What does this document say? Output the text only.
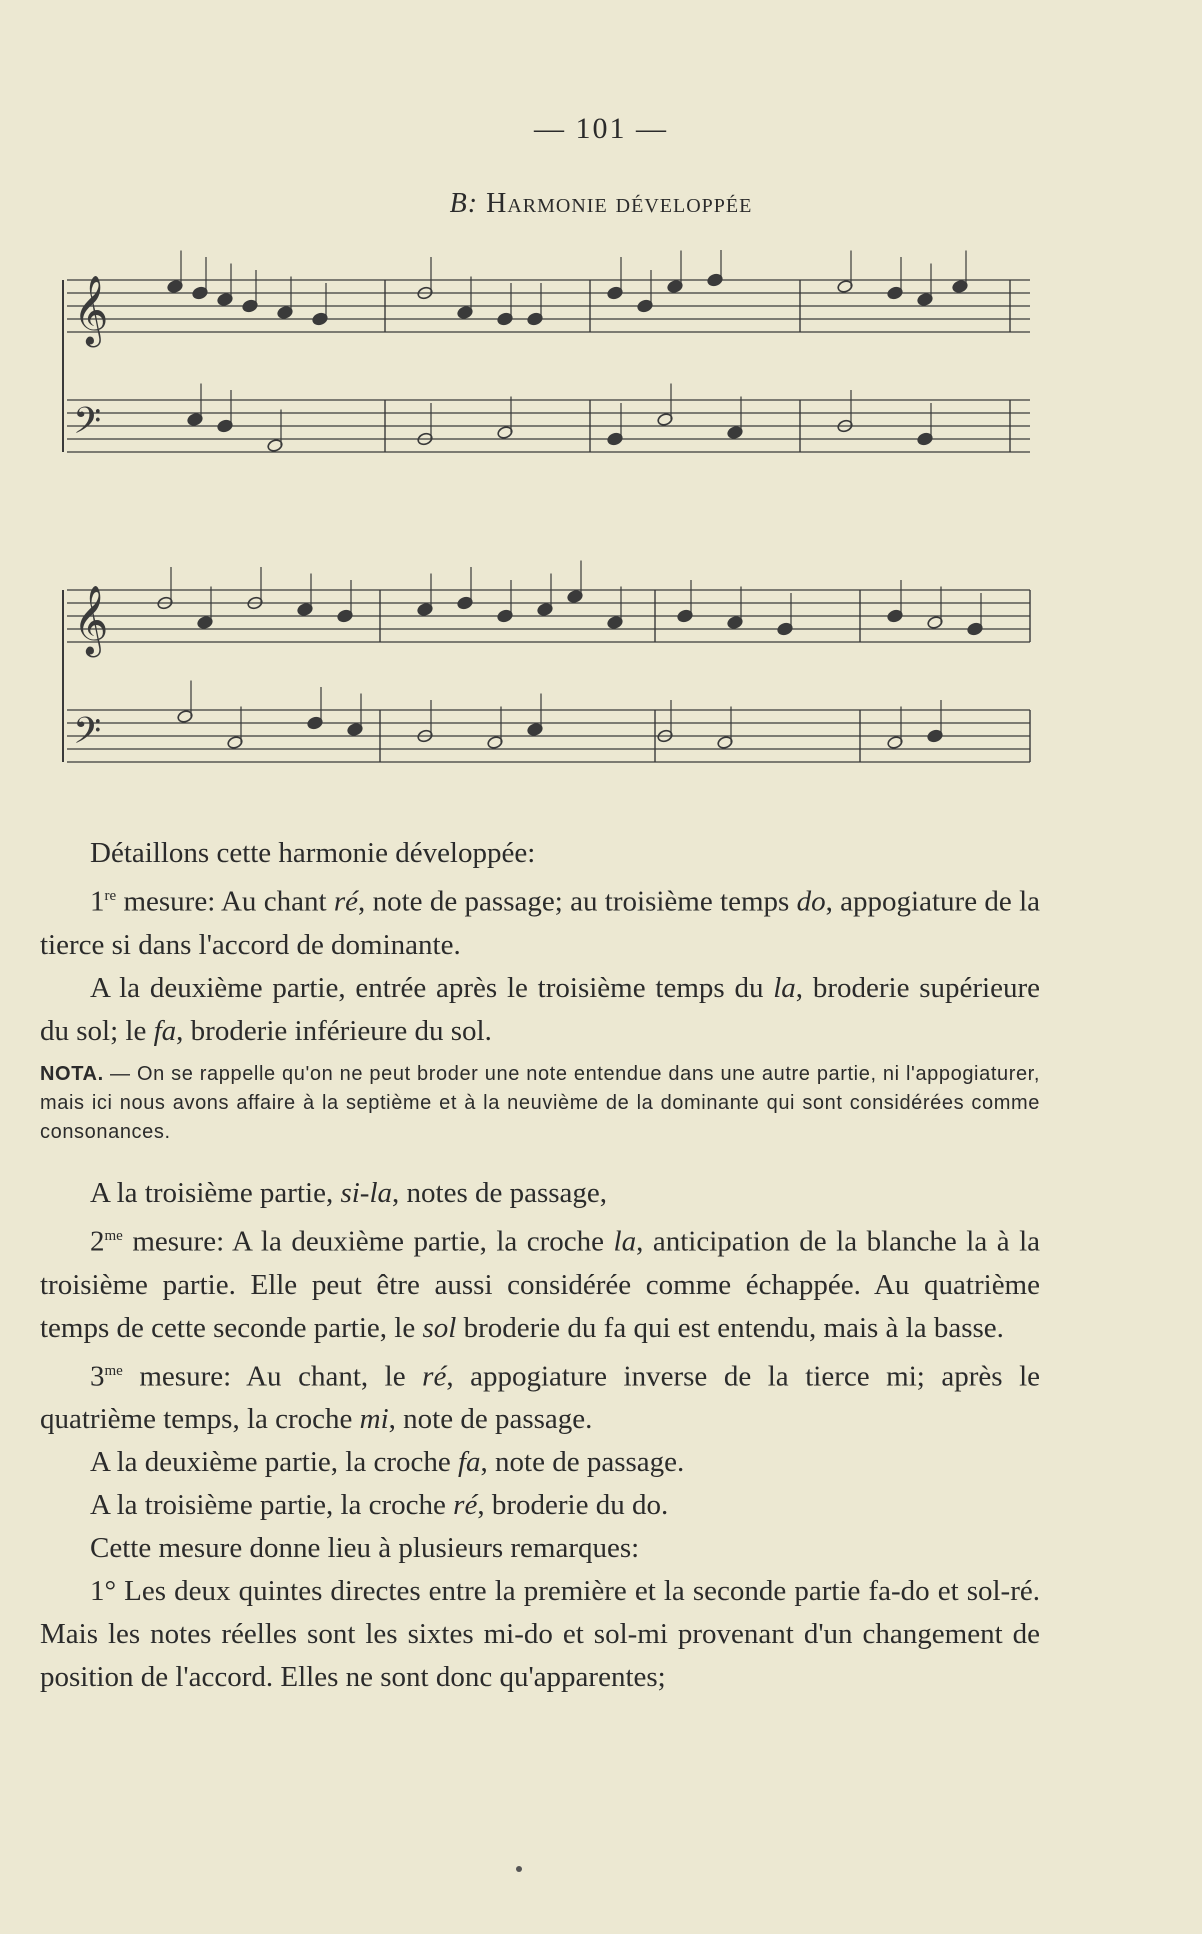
— 101 —
B: Harmonie développée
𝄞
𝄢
𝄞
𝄢

Détaillons cette harmonie développée:

1re mesure: Au chant ré, note de passage; au troisième temps do, appogiature de la tierce si dans l'accord de dominante.

A la deuxième partie, entrée après le troisième temps du la, broderie supérieure du sol; le fa, broderie inférieure du sol.

NOTA. — On se rappelle qu'on ne peut broder une note entendue dans une autre partie, ni l'appogiaturer, mais ici nous avons affaire à la septième et à la neuvième de la dominante qui sont considérées comme consonances.

A la troisième partie, si-la, notes de passage,

$2^{me}$ mesure: A la deuxième partie, la croche la, anticipation de la blanche la à la troisième partie. Elle peut être aussi considérée comme échappée. Au quatrième temps de cette seconde partie, le sol broderie du fa qui est entendu, mais à la basse.

$3^{me}$ mesure: Au chant, le ré, appogiature inverse de la tierce mi; après le quatrième temps, la croche mi, note de passage.

A la deuxième partie, la croche fa, note de passage.

A la troisième partie, la croche ré, broderie du do.

Cette mesure donne lieu à plusieurs remarques:

1° Les deux quintes directes entre la première et la seconde partie fa-do et sol-ré. Mais les notes réelles sont les sixtes mi-do et sol-mi provenant d'un changement de position de l'accord. Elles ne sont donc qu'apparentes;
